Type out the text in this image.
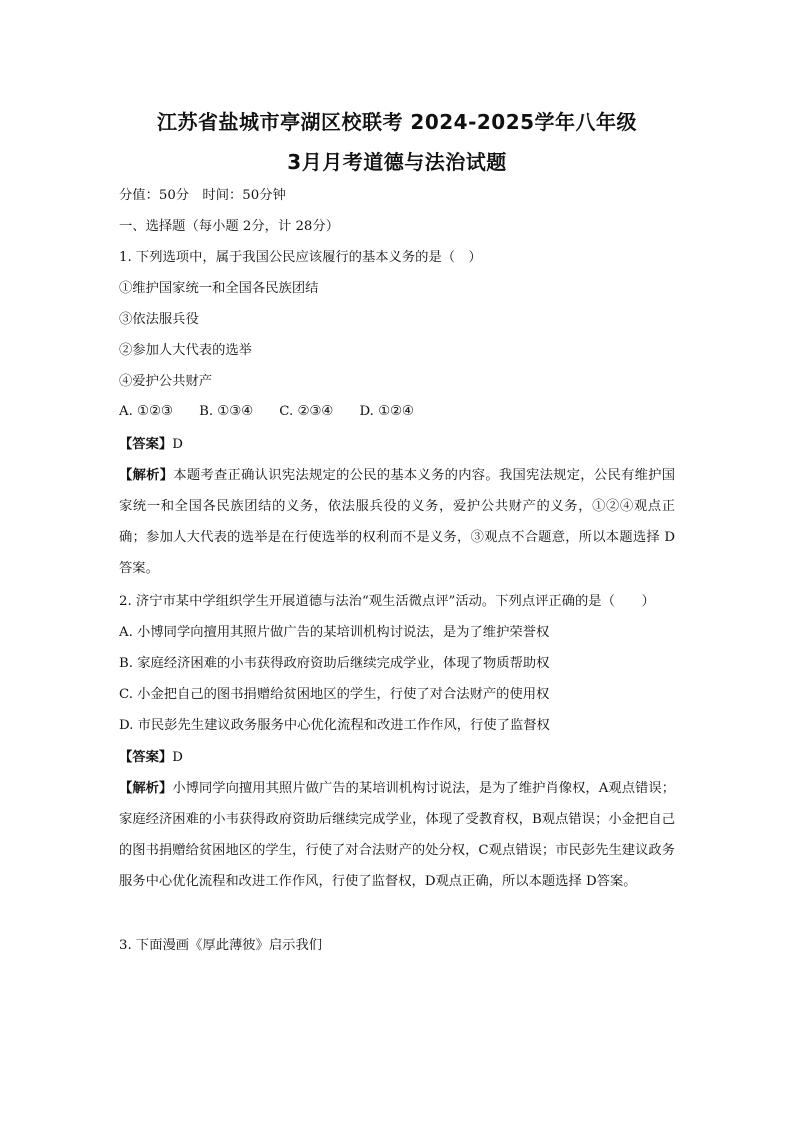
江苏省盐城市亭湖区校联考 2024-2025学年八年级
3月月考道德与法治试题
分值：50分　时间：50分钟
一、选择题（每小题 2分，计 28分）
1. 下列选项中，属于我国公民应该履行的基本义务的是（　）
①维护国家统一和全国各民族团结
③依法服兵役
②参加人大代表的选举
④爱护公共财产
A. ①②③ B. ①③④ C. ②③④ D. ①②④
【答案】D
【解析】本题考查正确认识宪法规定的公民的基本义务的内容。我国宪法规定，公民有维护国家统一和全国各民族团结的义务，依法服兵役的义务，爱护公共财产的义务，①②④观点正确；参加人大代表的选举是在行使选举的权利而不是义务，③观点不合题意，所以本题选择 D答案。
2. 济宁市某中学组织学生开展道德与法治“观生活微点评”活动。下列点评正确的是（　　）
A. 小博同学向擅用其照片做广告的某培训机构讨说法，是为了维护荣誉权
B. 家庭经济困难的小韦获得政府资助后继续完成学业，体现了物质帮助权
C. 小金把自己的图书捐赠给贫困地区的学生，行使了对合法财产的使用权
D. 市民彭先生建议政务服务中心优化流程和改进工作作风，行使了监督权
【答案】D
【解析】小博同学向擅用其照片做广告的某培训机构讨说法，是为了维护肖像权，A观点错误；家庭经济困难的小韦获得政府资助后继续完成学业，体现了受教育权，B观点错误；小金把自己的图书捐赠给贫困地区的学生，行使了对合法财产的处分权，C观点错误；市民彭先生建议政务服务中心优化流程和改进工作作风，行使了监督权，D观点正确，所以本题选择 D答案。
3. 下面漫画《厚此薄彼》启示我们
